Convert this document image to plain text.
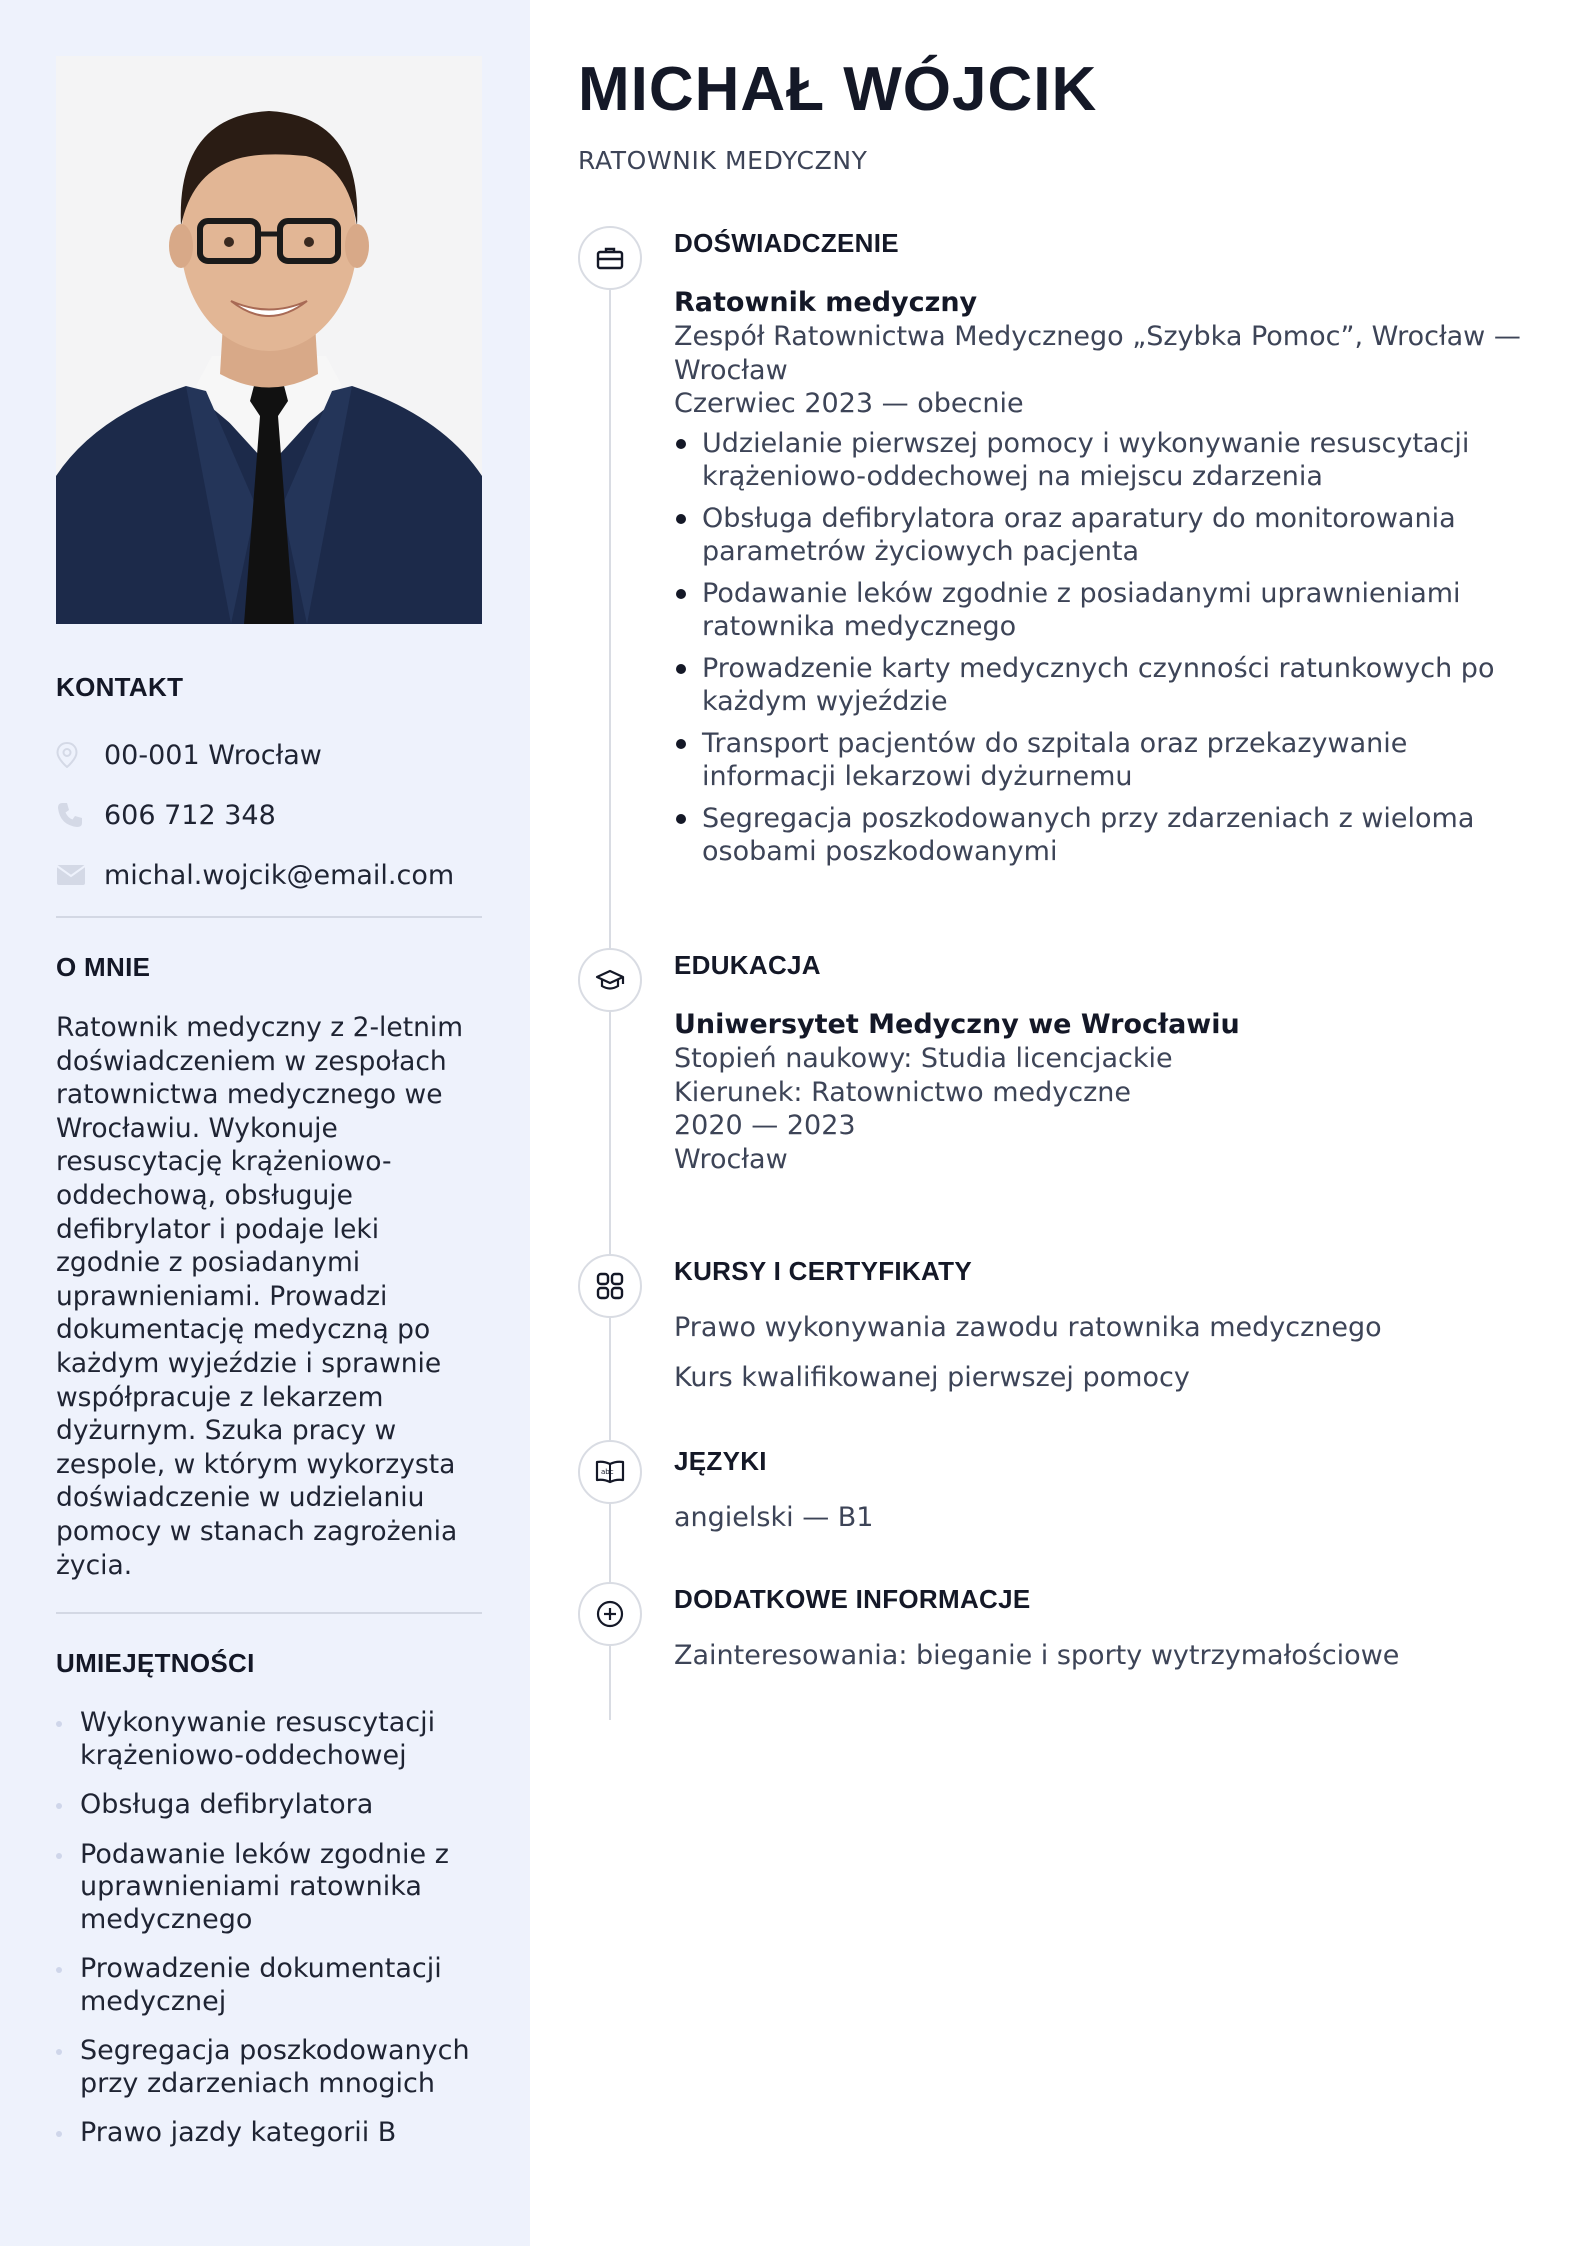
KONTAKT
00-001 Wrocław
606 712 348
michal.wojcik@email.com
O MNIE

Ratownik medyczny z 2-letnim doświadczeniem w zespołach ratownictwa medycznego we Wrocławiu. Wykonuje resuscytację krążeniowo-oddechową, obsługuje defibrylator i podaje leki zgodnie z posiadanymi uprawnieniami. Prowadzi dokumentację medyczną po każdym wyjeździe i sprawnie współpracuje z lekarzem dyżurnym. Szuka pracy w zespole, w którym wykorzysta doświadczenie w udzielaniu pomocy w stanach zagrożenia życia.

UMIEJĘTNOŚCI
Wykonywanie resuscytacji krążeniowo-oddechowej
Obsługa defibrylatora
Podawanie leków zgodnie z uprawnieniami ratownika medycznego
Prowadzenie dokumentacji medycznej
Segregacja poszkodowanych przy zdarzeniach mnogich
Prawo jazdy kategorii B
MICHAŁ WÓJCIK
RATOWNIK MEDYCZNY
DOŚWIADCZENIE
Ratownik medyczny
Zespół Ratownictwa Medycznego „Szybka Pomoc”, Wrocław — Wrocław
Czerwiec 2023 — obecnie
Udzielanie pierwszej pomocy i wykonywanie resuscytacji krążeniowo-oddechowej na miejscu zdarzenia
Obsługa defibrylatora oraz aparatury do monitorowania parametrów życiowych pacjenta
Podawanie leków zgodnie z posiadanymi uprawnieniami ratownika medycznego
Prowadzenie karty medycznych czynności ratunkowych po każdym wyjeździe
Transport pacjentów do szpitala oraz przekazywanie informacji lekarzowi dyżurnemu
Segregacja poszkodowanych przy zdarzeniach z wieloma osobami poszkodowanymi
EDUKACJA
Uniwersytet Medyczny we Wrocławiu
Stopień naukowy: Studia licencjackie
Kierunek: Ratownictwo medyczne
2020 — 2023
Wrocław
KURSY I CERTYFIKATY
Prawo wykonywania zawodu ratownika medycznego
Kurs kwalifikowanej pierwszej pomocy
abc JĘZYKI
angielski — B1
DODATKOWE INFORMACJE
Zainteresowania: bieganie i sporty wytrzymałościowe
